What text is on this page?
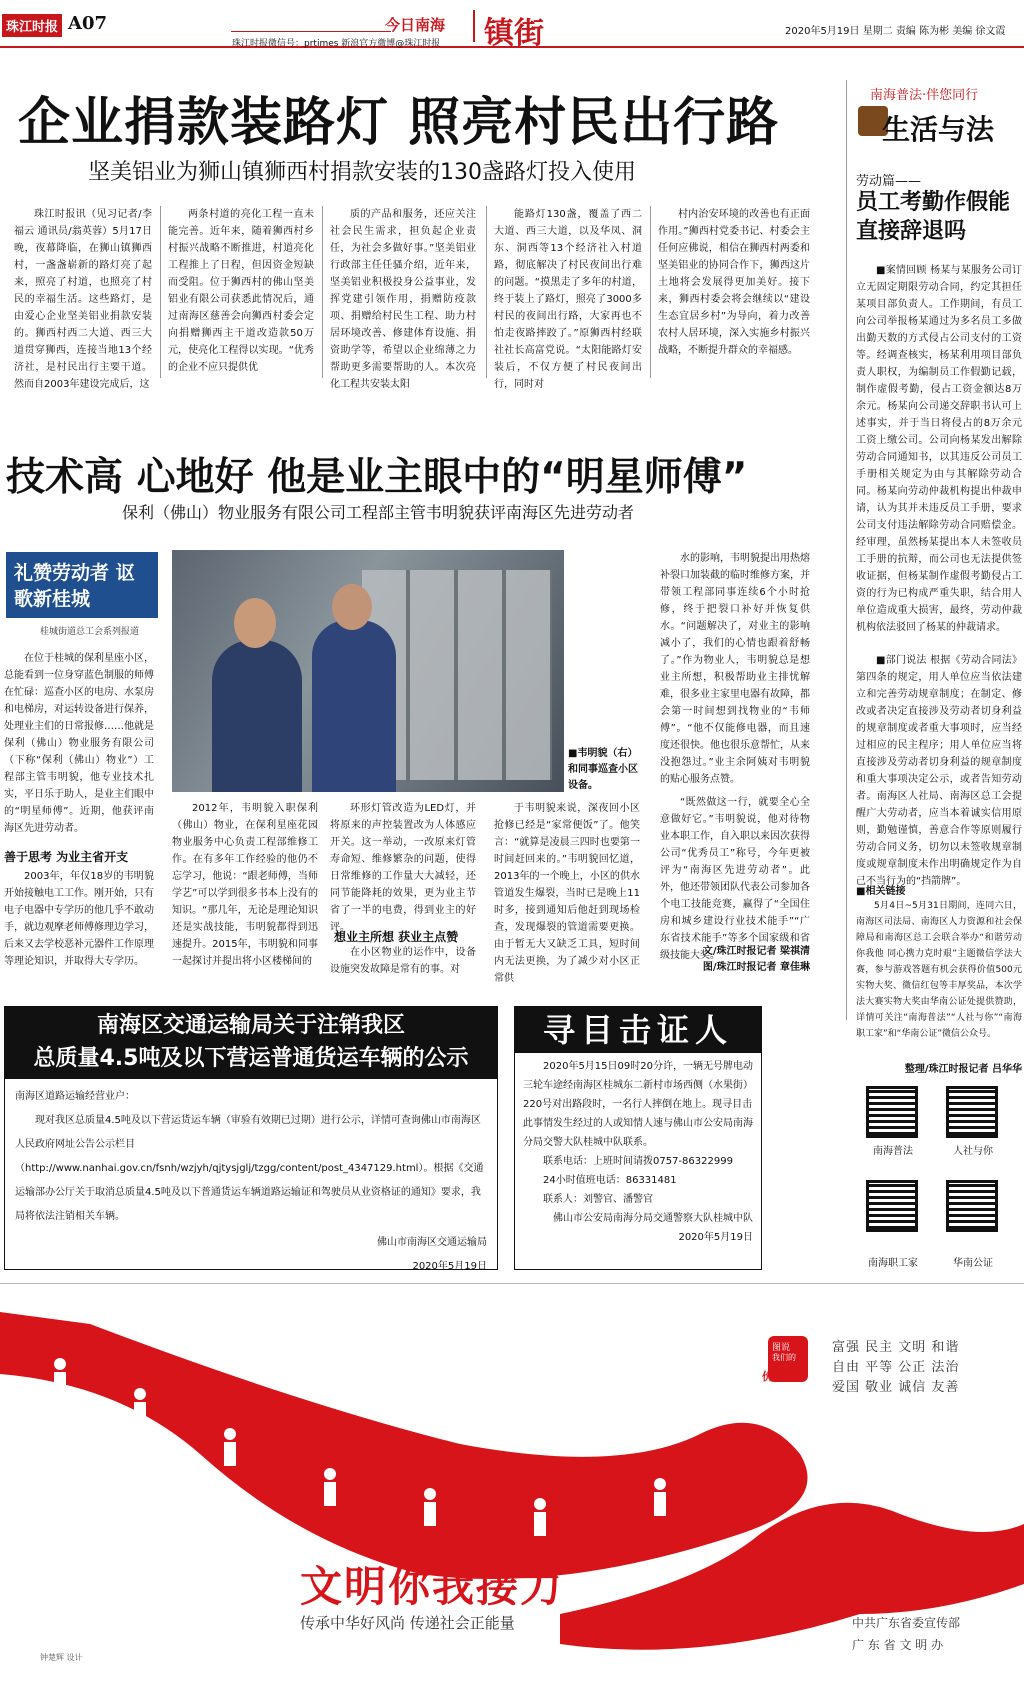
珠江时报 A07
珠江时报微信号：prtimes 新浪官方微博@珠江时报
今日南海 镇街	2020年5月19日 星期二 责编 陈为彬 美编 徐文霞
企业捐款装路灯 照亮村民出行路
坚美铝业为狮山镇狮西村捐款安装的130盏路灯投入使用

珠江时报讯（见习记者/李福云 通讯员/翁英蓉）5月17日晚，夜幕降临，在狮山镇狮西村，一盏盏崭新的路灯亮了起来，照亮了村道，也照亮了村民的幸福生活。这些路灯，是由爱心企业坚美铝业捐款安装的。狮西村西二大道、西三大道贯穿狮西，连接当地13个经济社，是村民出行主要干道。然而自2003年建设完成后，这

两条村道的亮化工程一直未能完善。近年来，随着狮西村乡村振兴战略不断推进，村道亮化工程推上了日程，但因资金短缺而受阻。位于狮西村的佛山坚美铝业有限公司获悉此情况后，通过南海区慈善会向狮西村委会定向捐赠狮西主干道改造款50万元，使亮化工程得以实现。“优秀的企业不应只提供优

质的产品和服务，还应关注社会民生需求，担负起企业责任，为社会多做好事。”坚美铝业行政部主任任骚介绍，近年来，坚美铝业积极投身公益事业，发挥党建引领作用，捐赠防疫款项、捐赠给村民生工程、助力村居环境改善、修建体育设施、捐资助学等，希望以企业绵薄之力帮助更多需要帮助的人。本次亮化工程共安装太阳

能路灯130盏，覆盖了西二大道、西三大道，以及华凤、洞东、洞西等13个经济社入村道路，彻底解决了村民夜间出行难的问题。“摸黑走了多年的村道，终于装上了路灯，照亮了3000多村民的夜间出行路，大家再也不怕走夜路摔跤了。”原狮西村经联社社长高富党说。“太阳能路灯安装后，不仅方便了村民夜间出行，同时对

村内治安环境的改善也有正面作用。”狮西村党委书记、村委会主任何应佛说，相信在狮西村两委和坚美铝业的协同合作下，狮西这片土地将会发展得更加美好。接下来，狮西村委会将会继续以“建设生态宜居乡村”为导向，着力改善农村人居环境，深入实施乡村振兴战略，不断提升群众的幸福感。

技术高 心地好 他是业主眼中的“明星师傅”
保利（佛山）物业服务有限公司工程部主管韦明貌获评南海区先进劳动者
礼赞劳动者 讴歌新桂城
桂城街道总工会系列报道

在位于桂城的保利星座小区，总能看到一位身穿蓝色制服的师傅在忙碌：巡查小区的电房、水泵房和电梯房，对运转设备进行保养，处理业主们的日常报修……他就是保利（佛山）物业服务有限公司（下称“保利（佛山）物业”）工程部主管韦明貌，他专业技术扎实，平日乐于助人，是业主们眼中的“明星师傅”。近期，他获评南海区先进劳动者。

善于思考 为业主省开支

2003年，年仅18岁的韦明貌开始接触电工工作。刚开始，只有电子电器中专学历的他几乎不敢动手，就边观摩老师傅修理边学习，后来又去学校恶补元器件工作原理等理论知识，并取得大专学历。

■韦明貌（右）和同事巡查小区设备。

2012年，韦明貌入职保利（佛山）物业，在保利星座花园物业服务中心负责工程部维修工作。在有多年工作经验的他仍不忘学习，他说：“跟老师傅，当师学艺”可以学到很多书本上没有的知识。“那几年，无论是理论知识还是实战技能，韦明貌都得到迅速提升。2015年，韦明貌和同事一起探讨并提出将小区楼梯间的

环形灯管改造为LED灯，并将原来的声控装置改为人体感应开关。这一举动，一改原来灯管寿命短、维修繁杂的问题，使得日常维修的工作量大大减轻，还同节能降耗的效果，更为业主节省了一半的电费，得到业主的好评。

想业主所想 获业主点赞

在小区物业的运作中，设备设施突发故障是常有的事。对

于韦明貌来说，深夜回小区抢修已经是“家常便饭”了。他笑言：“就算是凌晨三四时也要第一时间赶回来的。”韦明貌回忆道，2013年的一个晚上，小区的供水管道发生爆裂，当时已是晚上11时多，接到通知后他赶到现场检查，发现爆裂的管道需要更换。由于暂无大又缺乏工具，短时间内无法更换，为了减少对小区正常供

水的影响，韦明貌提出用热熔补裂口加装截的临时维修方案，并带领工程部同事连续6个小时抢修，终于把裂口补好并恢复供水。“问题解决了，对业主的影响减小了，我们的心情也跟着舒畅了。”作为物业人，韦明貌总是想业主所想，积极帮助业主排忧解难，很多业主家里电器有故障，都会第一时间想到找物业的“韦师傅”。“他不仅能修电器，而且速度还很快。他也很乐意帮忙，从来没抱怨过。”业主余阿姨对韦明貌的贴心服务点赞。

“既然做这一行，就要全心全意做好它。”韦明貌说，他对待物业本职工作，自入职以来因次获得公司“优秀员工”称号，今年更被评为“南海区先进劳动者”。此外，他还带领团队代表公司参加各个电工技能竞赛，赢得了“全国住房和城乡建设行业技术能手”“广东省技术能手”等多个国家级和省级技能大奖。

文/珠江时报记者 梁祺清
图/珠江时报记者 章佳琳
南海区交通运输局关于注销我区
总质量4.5吨及以下营运普通货运车辆的公示
南海区道路运输经营业户：
现对我区总质量4.5吨及以下营运货运车辆（审验有效期已过期）进行公示，详情可查询佛山市南海区人民政府网址公告公示栏目（http://www.nanhai.gov.cn/fsnh/wzjyh/qjtysjglj/tzgg/content/post_4347129.html）。根据《交通运输部办公厅关于取消总质量4.5吨及以下普通货运车辆道路运输证和驾驶员从业资格证的通知》要求，我局将依法注销相关车辆。
佛山市南海区交通运输局
2020年5月19日
寻目击证人
2020年5月15日09时20分许，一辆无号牌电动三轮车途经南海区桂城东二新村市场西侧（水果街）220号对出路段时，一名行人摔倒在地上。现寻目击此事情发生经过的人或知情人速与佛山市公安局南海分局交警大队桂城中队联系。
联系电话：上班时间请拨0757-86322999
24小时值班电话：86331481
联系人：刘警官、潘警官
佛山市公安局南海分局交通警察大队桂城中队
2020年5月19日
南海普法·伴您同行
生活与法
劳动篇——
员工考勤作假能直接辞退吗

■案情回顾 杨某与某服务公司订立无固定期限劳动合同，约定其担任某项目部负责人。工作期间，有员工向公司举报杨某通过为多名员工多做出勤天数的方式侵占公司支付的工资等。经调查核实，杨某利用项目部负责人职权，为编制员工作假勤记载，制作虚假考勤，侵占工资金额达8万余元。杨某向公司递交辞职书认可上述事实，并于当日将侵占的8万余元工资上缴公司。公司向杨某发出解除劳动合同通知书，以其违反公司员工手册相关规定为由与其解除劳动合同。杨某向劳动仲裁机构提出仲裁申请，认为其并未违反员工手册，要求公司支付违法解除劳动合同赔偿金。经审理，虽然杨某提出本人未签收员工手册的抗辩，而公司也无法提供签收证据，但杨某制作虚假考勤侵占工资的行为已构成严重失职，结合用人单位造成重大损害，最终，劳动仲裁机构依法驳回了杨某的仲裁请求。

■部门说法 根据《劳动合同法》第四条的规定，用人单位应当依法建立和完善劳动规章制度；在制定、修改或者决定直接涉及劳动者切身利益的规章制度或者重大事项时，应当经过相应的民主程序；用人单位应当将直接涉及劳动者切身利益的规章制度和重大事项决定公示，或者告知劳动者。南海区人社局、南海区总工会提醒广大劳动者，应当本着诚实信用原则，勤勉谨慎，善意合作等原则履行劳动合同义务，切勿以未签收规章制度或规章制度未作出明确规定作为自己不当行为的“挡箭牌”。

■相关链接

5月4日~5月31日期间，连同六日，南海区司法局、南海区人力资源和社会保障局和南海区总工会联合举办“和谐劳动你我他 同心携力克时艰”主题微信学法大赛，参与游戏答题有机会获得价值500元实物大奖、微信红包等丰厚奖品，本次学法大赛实物大奖由华南公证处提供赞助，详情可关注“南海普法”“人社与你”“南海职工家”和“华南公证”微信公众号。

整理/珠江时报记者 吕华华
南海普法	人社与你
南海职工家	华南公证
图说
我们的
价值观
富强 民主 文明 和谐
自由 平等 公正 法治
爱国 敬业 诚信 友善
文明你我接力
传承中华好风尚 传递社会正能量
钟楚辉 设计
中共广东省委宣传部
广 东 省 文 明 办
